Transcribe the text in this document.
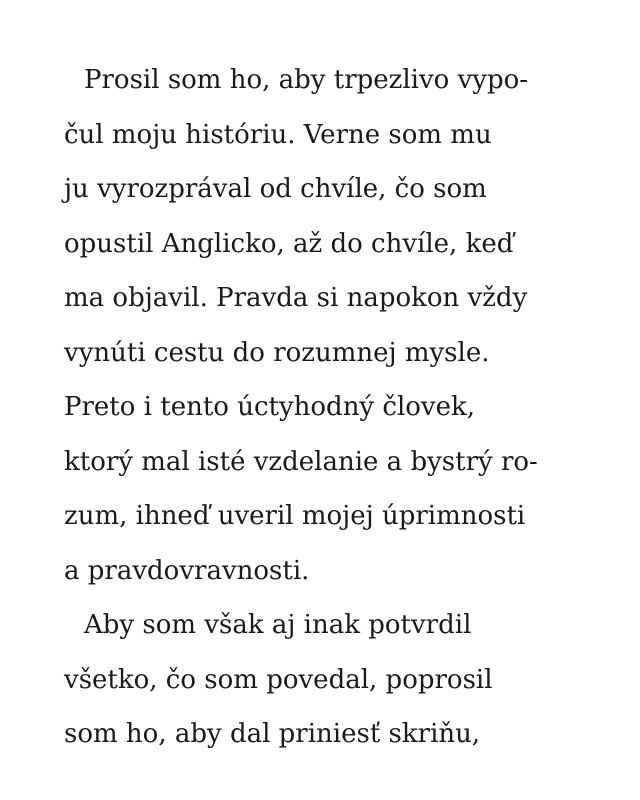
Prosil som ho, aby trpezlivo vypo-
čul moju históriu. Verne som mu
ju vyrozprával od chvíle, čo som
opustil Anglicko, až do chvíle, keď
ma objavil. Pravda si napokon vždy
vynúti cestu do rozumnej mysle.
Preto i tento úctyhodný človek,
ktorý mal isté vzdelanie a bystrý ro-
zum, ihneď uveril mojej úprimnosti
a pravdovravnosti.
Aby som však aj inak potvrdil
všetko, čo som povedal, poprosil
som ho, aby dal priniesť skriňu,
